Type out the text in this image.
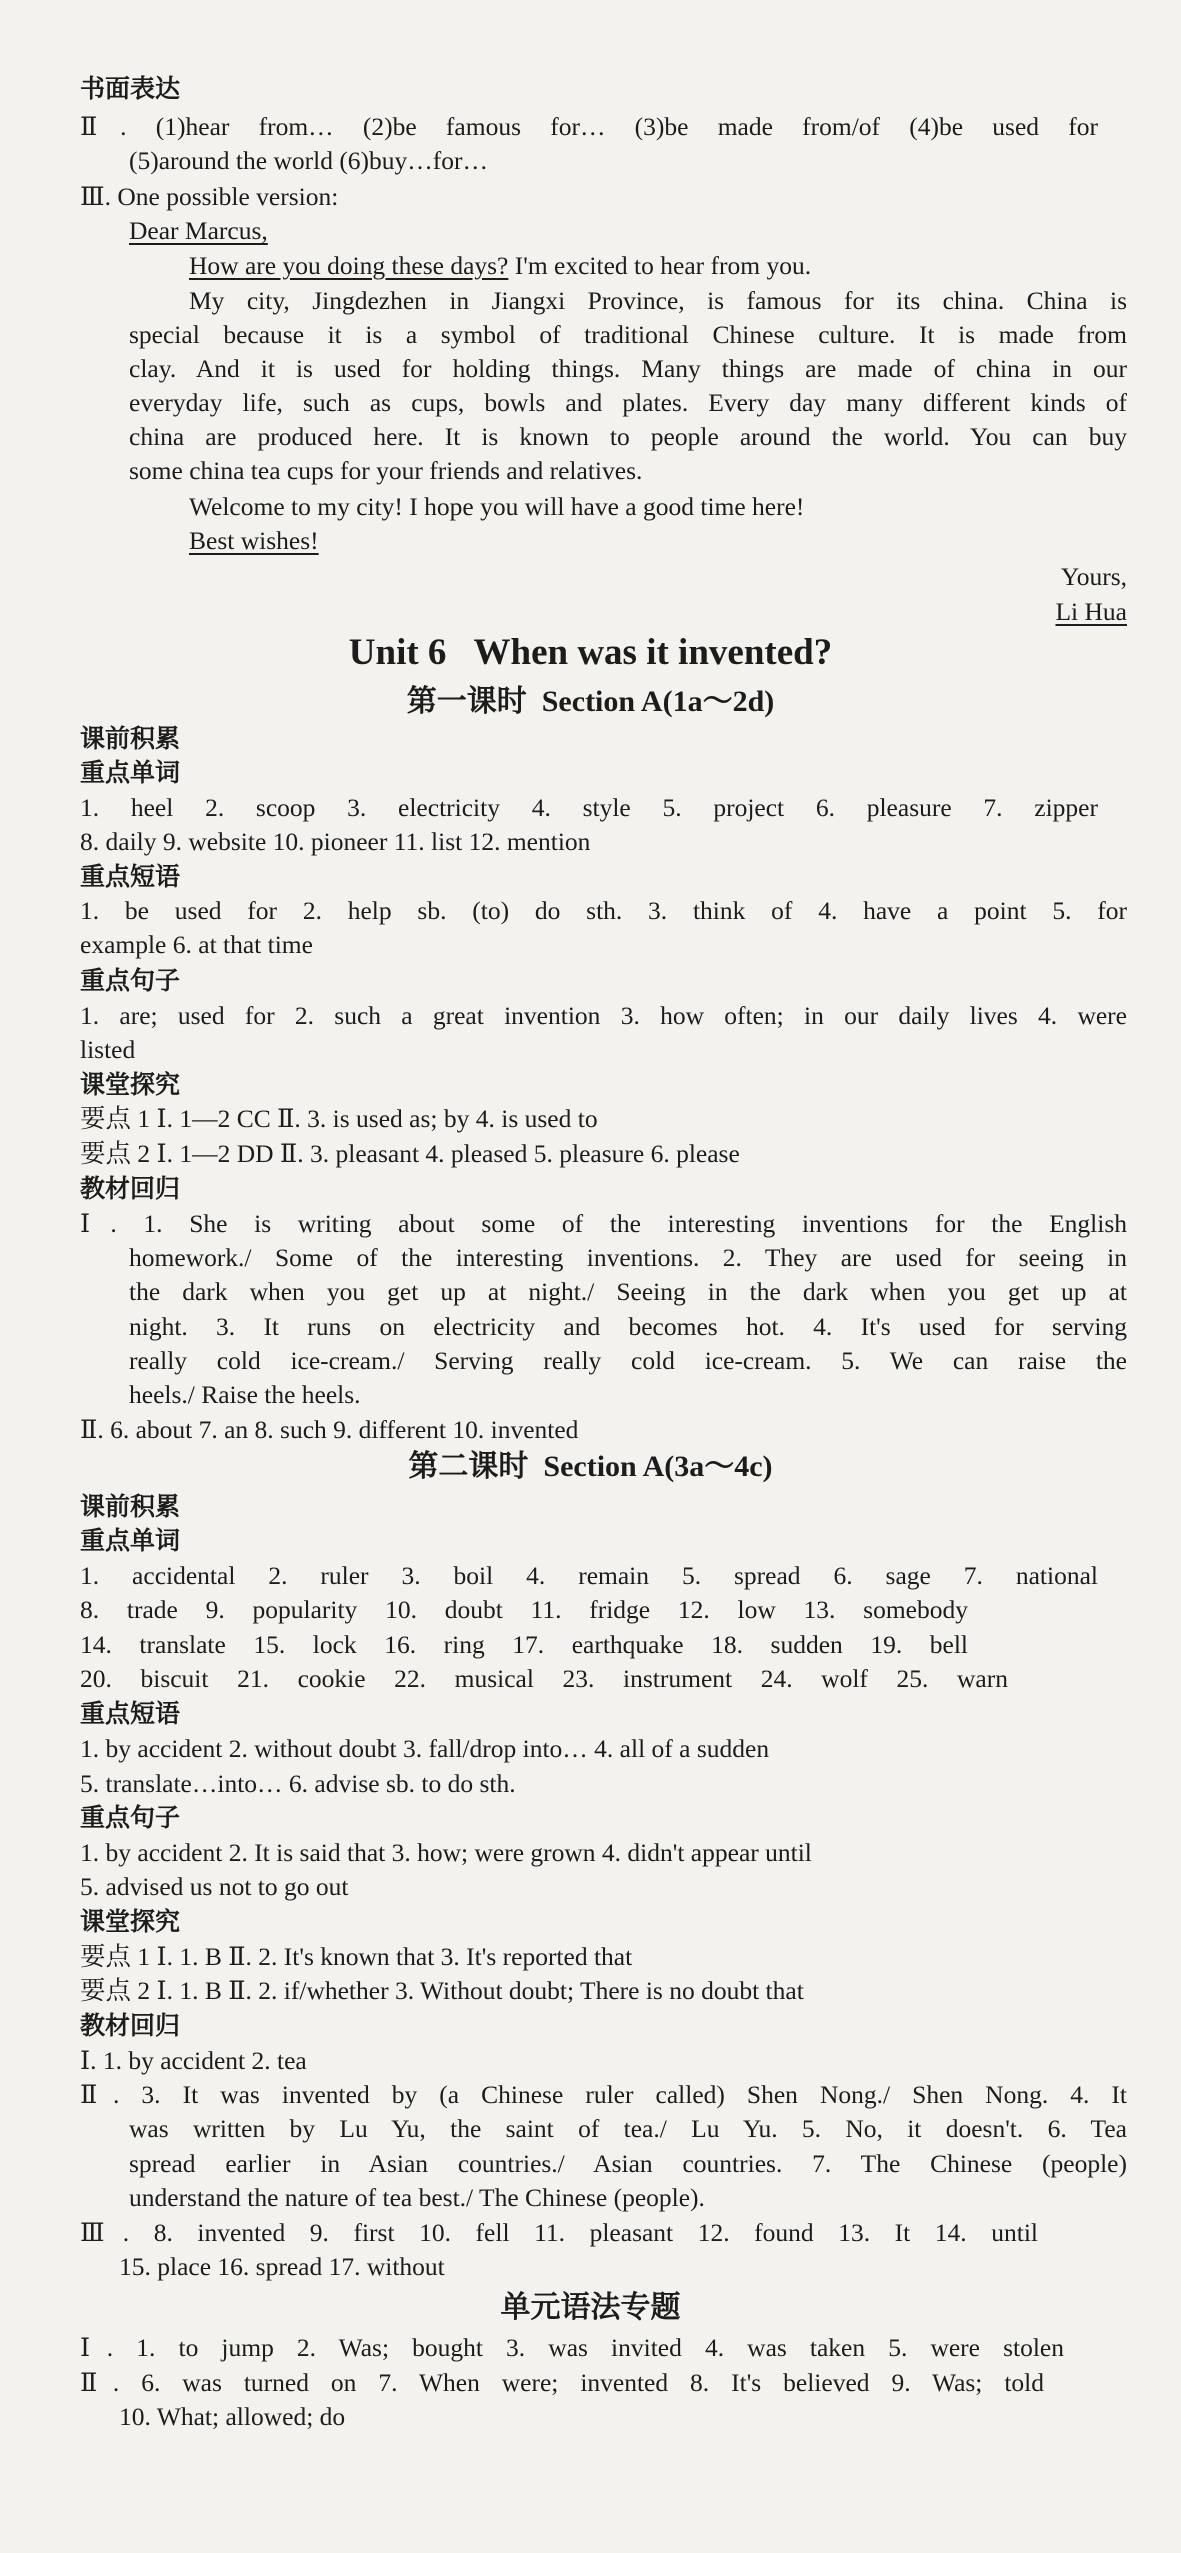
书面表达
Ⅱ. (1)hear from… (2)be famous for… (3)be made from/of (4)be used for
(5)around the world (6)buy…for…
Ⅲ. One possible version:
Dear Marcus,
How are you doing these days? I'm excited to hear from you.
My city, Jingdezhen in Jiangxi Province, is famous for its china. China is
special because it is a symbol of traditional Chinese culture. It is made from
clay. And it is used for holding things. Many things are made of china in our
everyday life, such as cups, bowls and plates. Every day many different kinds of
china are produced here. It is known to people around the world. You can buy
some china tea cups for your friends and relatives.
Welcome to my city! I hope you will have a good time here!
Best wishes!
Yours,
Li Hua
Unit 6   When was it invented?
第一课时  Section A(1a～2d)
课前积累
重点单词
1. heel 2. scoop 3. electricity 4. style 5. project 6. pleasure 7. zipper
8. daily 9. website 10. pioneer 11. list 12. mention
重点短语
1. be used for 2. help sb. (to) do sth. 3. think of 4. have a point 5. for
example 6. at that time
重点句子
1. are; used for 2. such a great invention 3. how often; in our daily lives 4. were
listed
课堂探究
要点 1 Ⅰ. 1—2 CC Ⅱ. 3. is used as; by 4. is used to
要点 2 Ⅰ. 1—2 DD Ⅱ. 3. pleasant 4. pleased 5. pleasure 6. please
教材回归
Ⅰ. 1. She is writing about some of the interesting inventions for the English
homework./ Some of the interesting inventions. 2. They are used for seeing in
the dark when you get up at night./ Seeing in the dark when you get up at
night. 3. It runs on electricity and becomes hot. 4. It's used for serving
really cold ice-cream./ Serving really cold ice-cream. 5. We can raise the
heels./ Raise the heels.
Ⅱ. 6. about 7. an 8. such 9. different 10. invented
第二课时  Section A(3a～4c)
课前积累
重点单词
1. accidental 2. ruler 3. boil 4. remain 5. spread 6. sage 7. national
8. trade 9. popularity 10. doubt 11. fridge 12. low 13. somebody
14. translate 15. lock 16. ring 17. earthquake 18. sudden 19. bell
20. biscuit 21. cookie 22. musical 23. instrument 24. wolf 25. warn
重点短语
1. by accident 2. without doubt 3. fall/drop into… 4. all of a sudden
5. translate…into… 6. advise sb. to do sth.
重点句子
1. by accident 2. It is said that 3. how; were grown 4. didn't appear until
5. advised us not to go out
课堂探究
要点 1 Ⅰ. 1. B Ⅱ. 2. It's known that 3. It's reported that
要点 2 Ⅰ. 1. B Ⅱ. 2. if/whether 3. Without doubt; There is no doubt that
教材回归
Ⅰ. 1. by accident 2. tea
Ⅱ. 3. It was invented by (a Chinese ruler called) Shen Nong./ Shen Nong. 4. It
was written by Lu Yu, the saint of tea./ Lu Yu. 5. No, it doesn't. 6. Tea
spread earlier in Asian countries./ Asian countries. 7. The Chinese (people)
understand the nature of tea best./ The Chinese (people).
Ⅲ. 8. invented 9. first 10. fell 11. pleasant 12. found 13. It 14. until
15. place 16. spread 17. without
单元语法专题
Ⅰ. 1. to jump 2. Was; bought 3. was invited 4. was taken 5. were stolen
Ⅱ. 6. was turned on 7. When were; invented 8. It's believed 9. Was; told
10. What; allowed; do
